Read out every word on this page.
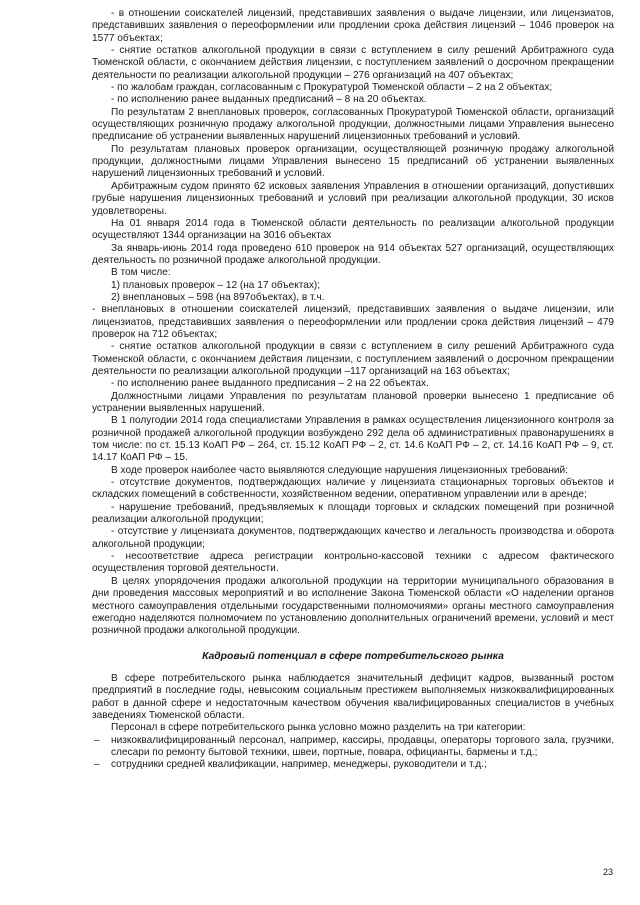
- в отношении соискателей лицензий, представивших заявления о выдаче лицензии, или лицензиатов, представивших заявления о переоформлении или продлении срока действия лицензий – 1046 проверок на 1577 объектах;

- снятие остатков алкогольной продукции в связи с вступлением в силу решений Арбитражного суда Тюменской области, с окончанием действия лицензии, с поступлением заявлений о досрочном прекращении деятельности по реализации алкогольной продукции – 276 организаций на 407 объектах;

- по жалобам граждан, согласованным с Прокуратурой Тюменской области – 2 на 2 объектах;

- по исполнению ранее выданных предписаний – 8 на 20 объектах.

По результатам 2 внеплановых проверок, согласованных Прокуратурой Тюменской области, организаций осуществляющих розничную продажу алкогольной продукции, должностными лицами Управления вынесено предписание об устранении выявленных нарушений лицензионных требований и условий.

По результатам плановых проверок организации, осуществляющей розничную продажу алкогольной продукции, должностными лицами Управления вынесено 15 предписаний об устранении выявленных нарушений лицензионных требований и условий.

Арбитражным судом принято 62 исковых заявления Управления в отношении организаций, допустивших грубые нарушения лицензионных требований и условий при реализации алкогольной продукции, 30 исков удовлетворены.

На 01 января 2014 года в Тюменской области деятельность по реализации алкогольной продукции осуществляют 1344 организации на 3016 объектах

За январь-июнь 2014 года проведено 610 проверок на 914 объектах 527 организаций, осуществляющих деятельность по розничной продаже алкогольной продукции.

В том числе:

1) плановых проверок – 12 (на 17 объектах);

2) внеплановых – 598 (на 897объектах), в т.ч.

- внеплановых в отношении соискателей лицензий, представивших заявления о выдаче лицензии, или лицензиатов, представивших заявления о переоформлении или продлении срока действия лицензий – 479 проверок на 712 объектах;

- снятие остатков алкогольной продукции в связи с вступлением в силу решений Арбитражного суда Тюменской области, с окончанием действия лицензии, с поступлением заявлений о досрочном прекращении деятельности по реализации алкогольной продукции –117 организаций на 163 объектах;

- по исполнению ранее выданного предписания – 2 на 22 объектах.

Должностными лицами Управления по результатам плановой проверки вынесено 1 предписание об устранении выявленных нарушений.

В 1 полугодии 2014 года специалистами Управления в рамках осуществления лицензионного контроля за розничной продажей алкогольной продукции возбуждено 292 дела об административных правонарушениях в том числе: по ст. 15.13 КоАП РФ – 264, ст. 15.12 КоАП РФ – 2, ст. 14.6 КоАП РФ – 2, ст. 14.16 КоАП РФ – 9, ст. 14.17 КоАП РФ – 15.

В ходе проверок наиболее часто выявляются следующие нарушения лицензионных требований:

- отсутствие документов, подтверждающих наличие у лицензиата стационарных торговых объектов и складских помещений в собственности, хозяйственном ведении, оперативном управлении или в аренде;

- нарушение требований, предъявляемых к площади торговых и складских помещений при розничной реализации алкогольной продукции;

- отсутствие у лицензиата документов, подтверждающих качество и легальность производства и оборота алкогольной продукции;

- несоответствие адреса регистрации контрольно-кассовой техники с адресом фактического осуществления торговой деятельности.

В целях упорядочения продажи алкогольной продукции на территории муниципального образования в дни проведения массовых мероприятий и во исполнение Закона Тюменской области «О наделении органов местного самоуправления отдельными государственными полномочиями» органы местного самоуправления ежегодно наделяются полномочием по установлению дополнительных ограничений времени, условий и мест розничной продажи алкогольной продукции.

Кадровый потенциал в сфере потребительского рынка

В сфере потребительского рынка наблюдается значительный дефицит кадров, вызванный ростом предприятий в последние годы, невысоким социальным престижем выполняемых низкоквалифицированных работ в данной сфере и недостаточным качеством обучения квалифицированных специалистов в учебных заведениях Тюменской области.

Персонал в сфере потребительского рынка условно можно разделить на три категории:

–	низкоквалифицированный персонал, например, кассиры, продавцы, операторы торгового зала, грузчики, слесари по ремонту бытовой техники, швеи, портные, повара, официанты, бармены и т.д.;
–	сотрудники средней квалификации, например, менеджеры, руководители и т.д.;
23
